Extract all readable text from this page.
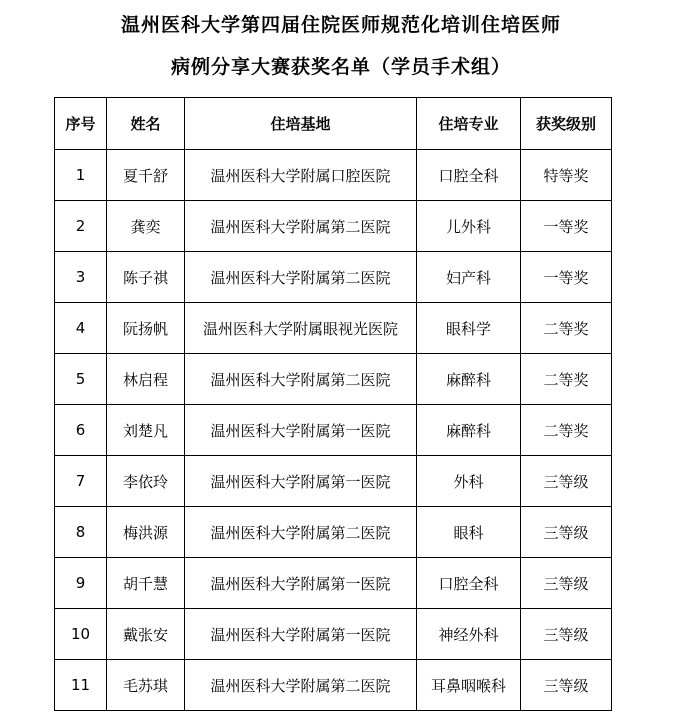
温州医科大学第四届住院医师规范化培训住培医师
病例分享大赛获奖名单（学员手术组）
序号	姓名	住培基地	住培专业	获奖级别
1	夏千舒	温州医科大学附属口腔医院	口腔全科	特等奖
2	龚奕	温州医科大学附属第二医院	儿外科	一等奖
3	陈子祺	温州医科大学附属第二医院	妇产科	一等奖
4	阮扬帆	温州医科大学附属眼视光医院	眼科学	二等奖
5	林启程	温州医科大学附属第二医院	麻醉科	二等奖
6	刘楚凡	温州医科大学附属第一医院	麻醉科	二等奖
7	李依玲	温州医科大学附属第一医院	外科	三等级
8	梅洪源	温州医科大学附属第二医院	眼科	三等级
9	胡千慧	温州医科大学附属第一医院	口腔全科	三等级
10	戴张安	温州医科大学附属第一医院	神经外科	三等级
11	毛苏琪	温州医科大学附属第二医院	耳鼻咽喉科	三等级
